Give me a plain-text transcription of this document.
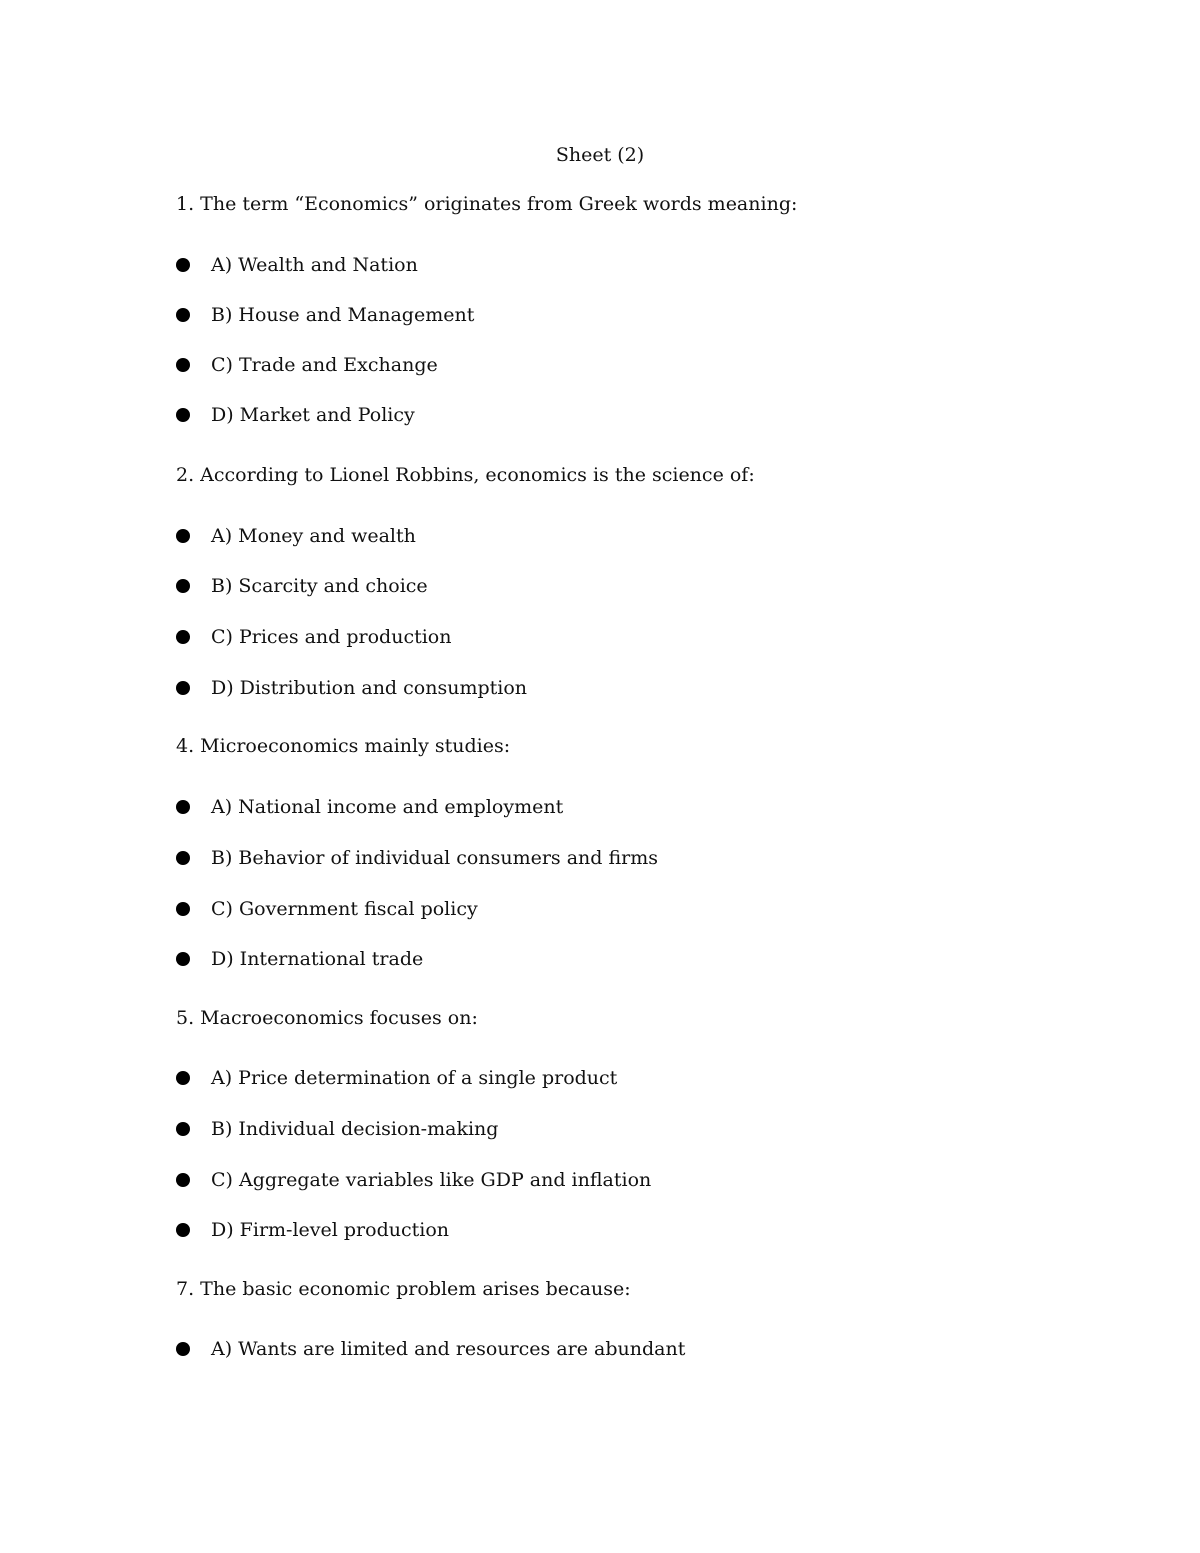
Sheet (2)
1. The term “Economics” originates from Greek words meaning:
A) Wealth and Nation
B) House and Management
C) Trade and Exchange
D) Market and Policy
2. According to Lionel Robbins, economics is the science of:
A) Money and wealth
B) Scarcity and choice
C) Prices and production
D) Distribution and consumption
4. Microeconomics mainly studies:
A) National income and employment
B) Behavior of individual consumers and firms
C) Government fiscal policy
D) International trade
5. Macroeconomics focuses on:
A) Price determination of a single product
B) Individual decision-making
C) Aggregate variables like GDP and inflation
D) Firm-level production
7. The basic economic problem arises because:
A) Wants are limited and resources are abundant
